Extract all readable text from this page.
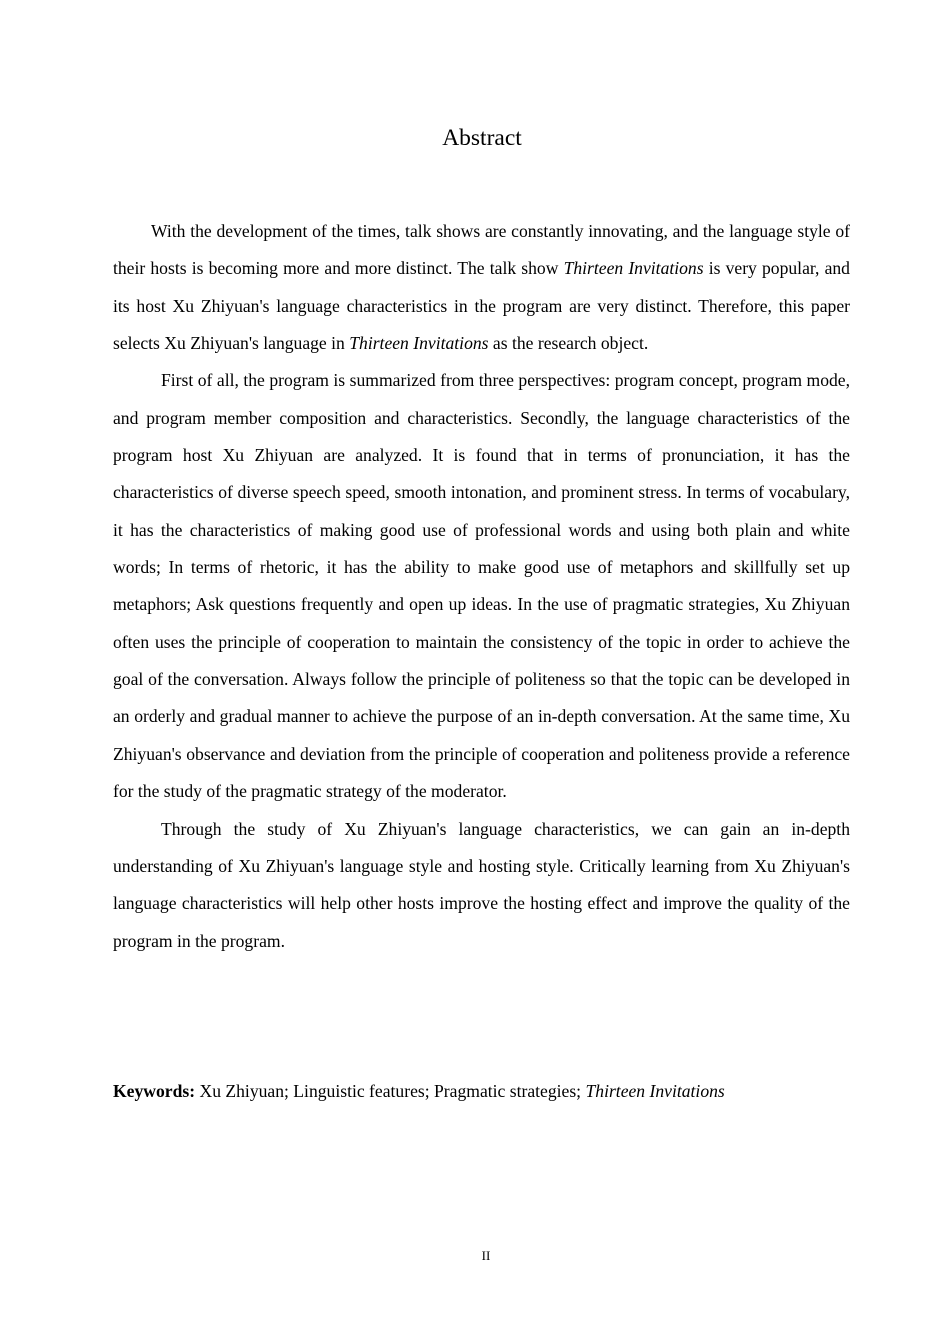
Abstract

With the development of the times, talk shows are constantly innovating, and the language style of their hosts is becoming more and more distinct. The talk show Thirteen Invitations is very popular, and its host Xu Zhiyuan's language characteristics in the program are very distinct. Therefore, this paper selects Xu Zhiyuan's language in Thirteen Invitations as the research object.

First of all, the program is summarized from three perspectives: program concept, program mode, and program member composition and characteristics. Secondly, the language characteristics of the program host Xu Zhiyuan are analyzed. It is found that in terms of pronunciation, it has the characteristics of diverse speech speed, smooth intonation, and prominent stress. In terms of vocabulary, it has the characteristics of making good use of professional words and using both plain and white words; In terms of rhetoric, it has the ability to make good use of metaphors and skillfully set up metaphors; Ask questions frequently and open up ideas. In the use of pragmatic strategies, Xu Zhiyuan often uses the principle of cooperation to maintain the consistency of the topic in order to achieve the goal of the conversation. Always follow the principle of politeness so that the topic can be developed in an orderly and gradual manner to achieve the purpose of an in-depth conversation. At the same time, Xu Zhiyuan's observance and deviation from the principle of cooperation and politeness provide a reference for the study of the pragmatic strategy of the moderator.

Through the study of Xu Zhiyuan's language characteristics, we can gain an in-depth understanding of Xu Zhiyuan's language style and hosting style. Critically learning from Xu Zhiyuan's language characteristics will help other hosts improve the hosting effect and improve the quality of the program in the program.

Keywords: Xu Zhiyuan; Linguistic features; Pragmatic strategies; Thirteen Invitations

II
